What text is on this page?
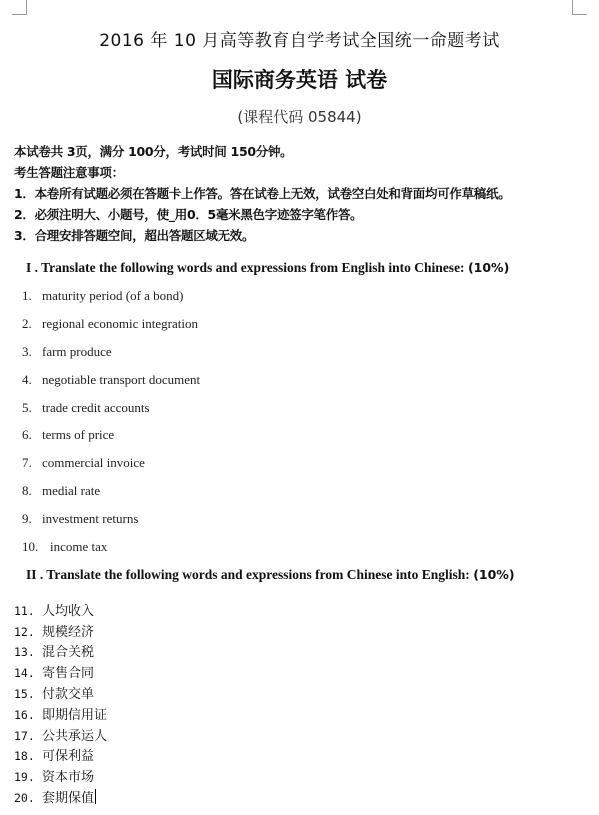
2016 年 10 月高等教育自学考试全国统一命题考试
国际商务英语 试卷
(课程代码 05844)
本试卷共 3页，满分 100分，考试时间 150分钟。
考生答题注意事项：
1．本卷所有试题必须在答题卡上作答。答在试卷上无效，试卷空白处和背面均可作草稿纸。
2．必须注明大、小题号，使_用0．5毫米黑色字迹签字笔作答。
3．合理安排答题空间，超出答题区域无效。
I . Translate the following words and expressions from English into Chinese: (10%)
1. maturity period (of a bond)
2. regional economic integration
3. farm produce
4. negotiable transport document
5. trade credit accounts
6. terms of price
7. commercial invoice
8. medial rate
9. investment returns
10. income tax
II . Translate the following words and expressions from Chinese into English: (10%)
11. 人均收入
12. 规模经济
13. 混合关税
14. 寄售合同
15. 付款交单
16. 即期信用证
17. 公共承运人
18. 可保利益
19. 资本市场
20. 套期保值
